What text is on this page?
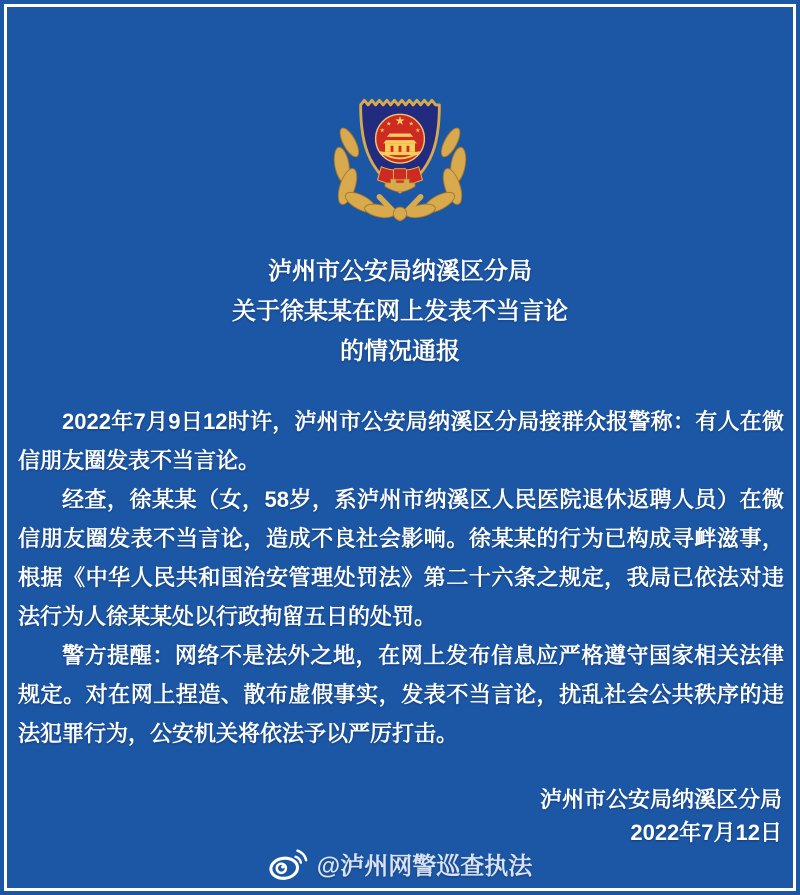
泸州市公安局纳溪区分局
关于徐某某在网上发表不当言论
的情况通报

2022年7月9日12时许，泸州市公安局纳溪区分局接群众报警称：有人在微信朋友圈发表不当言论。

经查，徐某某（女，58岁，系泸州市纳溪区人民医院退休返聘人员）在微信朋友圈发表不当言论，造成不良社会影响。徐某某的行为已构成寻衅滋事，根据《中华人民共和国治安管理处罚法》第二十六条之规定，我局已依法对违法行为人徐某某处以行政拘留五日的处罚。

警方提醒：网络不是法外之地，在网上发布信息应严格遵守国家相关法律规定。对在网上捏造、散布虚假事实，发表不当言论，扰乱社会公共秩序的违法犯罪行为，公安机关将依法予以严厉打击。

泸州市公安局纳溪区分局
2022年7月12日
@泸州网警巡查执法
